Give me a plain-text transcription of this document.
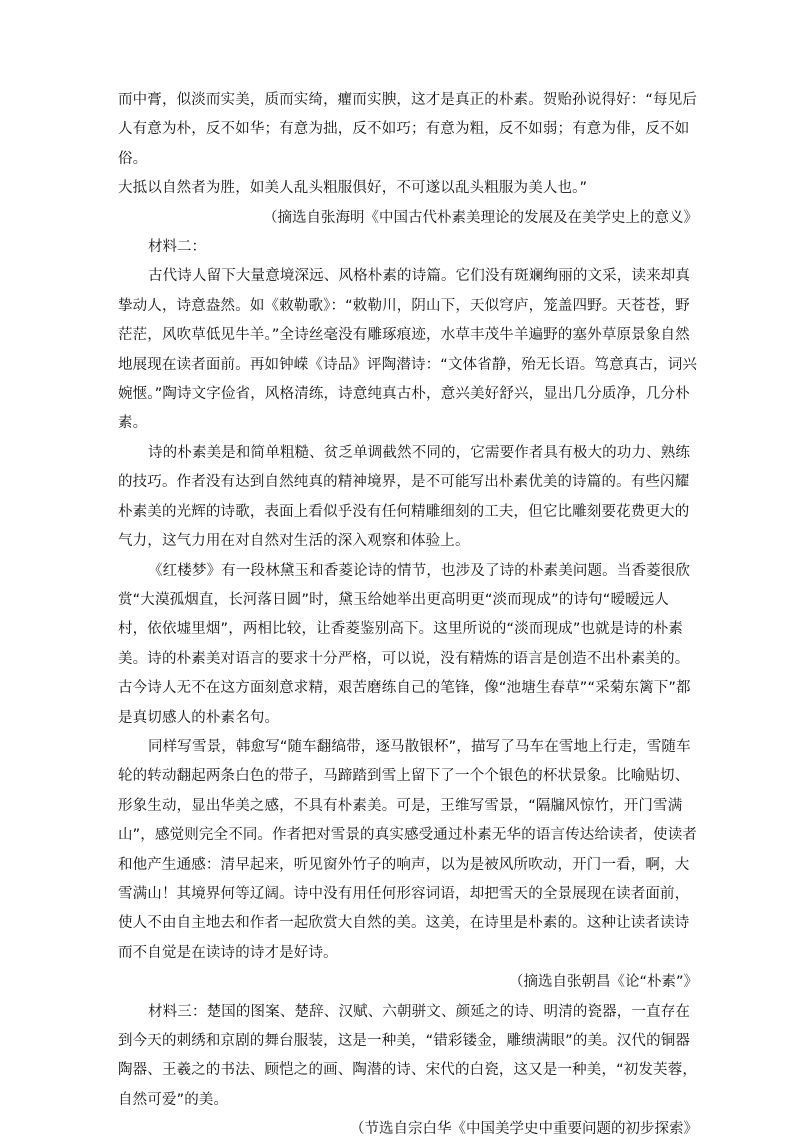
而中膏，似淡而实美，质而实绮，癯而实腴，这才是真正的朴素。贺贻孙说得好：“每见后

人有意为朴，反不如华；有意为拙，反不如巧；有意为粗，反不如弱；有意为俳，反不如俗。

大抵以自然者为胜，如美人乱头粗服俱好，不可遂以乱头粗服为美人也。”

（摘选自张海明《中国古代朴素美理论的发展及在美学史上的意义》

材料二：

古代诗人留下大量意境深远、风格朴素的诗篇。它们没有斑斓绚丽的文采，读来却真挚动人，诗意盎然。如《敕勒歌》：“敕勒川，阴山下，天似穹庐，笼盖四野。天苍苍，野茫茫，风吹草低见牛羊。”全诗丝毫没有雕琢痕迹，水草丰茂牛羊遍野的塞外草原景象自然地展现在读者面前。再如钟嵘《诗品》评陶潜诗：“文体省静，殆无长语。笃意真古，词兴婉惬。”陶诗文字俭省，风格清练，诗意纯真古朴，意兴美好舒兴，显出几分质净，几分朴素。

诗的朴素美是和简单粗糙、贫乏单调截然不同的，它需要作者具有极大的功力、熟练的技巧。作者没有达到自然纯真的精神境界，是不可能写出朴素优美的诗篇的。有些闪耀朴素美的光辉的诗歌，表面上看似乎没有任何精雕细刻的工夫，但它比雕刻要花费更大的气力，这气力用在对自然对生活的深入观察和体验上。

《红楼梦》有一段林黛玉和香菱论诗的情节，也涉及了诗的朴素美问题。当香菱很欣赏“大漠孤烟直，长河落日圆”时，黛玉给她举出更高明更“淡而现成”的诗句“暧暧远人村，依依墟里烟”，两相比较，让香菱鉴别高下。这里所说的“淡而现成”也就是诗的朴素美。诗的朴素美对语言的要求十分严格，可以说，没有精炼的语言是创造不出朴素美的。古今诗人无不在这方面刻意求精，艰苦磨练自己的笔锋，像“池塘生春草”“采菊东篱下”都是真切感人的朴素名句。

同样写雪景，韩愈写“随车翻缟带，逐马散银杯”，描写了马车在雪地上行走，雪随车轮的转动翻起两条白色的带子，马蹄踏到雪上留下了一个个银色的杯状景象。比喻贴切、形象生动，显出华美之感，不具有朴素美。可是，王维写雪景，“隔牖风惊竹，开门雪满山”，感觉则完全不同。作者把对雪景的真实感受通过朴素无华的语言传达给读者，使读者和他产生通感：清早起来，听见窗外竹子的响声，以为是被风所吹动，开门一看，啊，大雪满山！其境界何等辽阔。诗中没有用任何形容词语，却把雪天的全景展现在读者面前，使人不由自主地去和作者一起欣赏大自然的美。这美，在诗里是朴素的。这种让读者读诗而不自觉是在读诗的诗才是好诗。

（摘选自张朝昌《论“朴素”》

材料三：楚国的图案、楚辞、汉赋、六朝骈文、颜延之的诗、明清的瓷器，一直存在到今天的刺绣和京剧的舞台服装，这是一种美，“错彩镂金，雕缋满眼”的美。汉代的铜器陶器、王羲之的书法、顾恺之的画、陶潜的诗、宋代的白瓷，这又是一种美，“初发芙蓉，自然可爱”的美。

（节选自宗白华《中国美学史中重要问题的初步探索》
